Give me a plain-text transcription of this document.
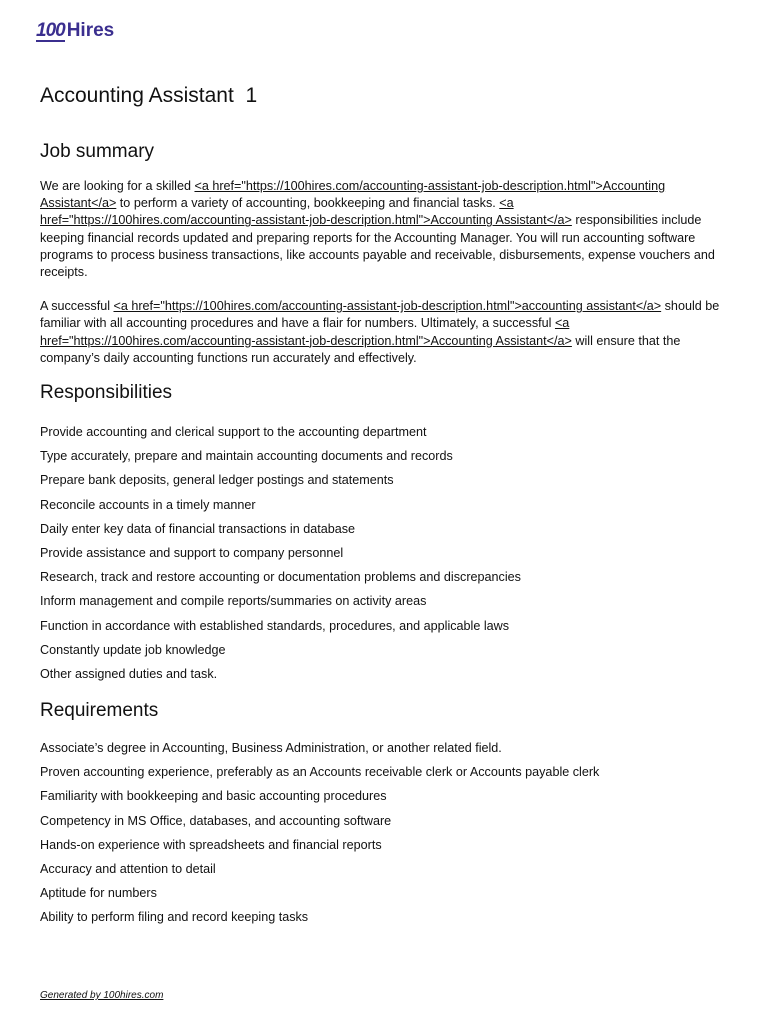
100 Hires
Accounting Assistant  1
Job summary

We are looking for a skilled <a href="https://100hires.com/accounting-assistant-job-description.html">Accounting Assistant</a> to perform a variety of accounting, bookkeeping and financial tasks. <a href="https://100hires.com/accounting-assistant-job-description.html">Accounting Assistant</a> responsibilities include keeping financial records updated and preparing reports for the Accounting Manager. You will run accounting software programs to process business transactions, like accounts payable and receivable, disbursements, expense vouchers and receipts.

A successful <a href="https://100hires.com/accounting-assistant-job-description.html">accounting assistant</a> should be familiar with all accounting procedures and have a flair for numbers. Ultimately, a successful <a href="https://100hires.com/accounting-assistant-job-description.html">Accounting Assistant</a> will ensure that the company’s daily accounting functions run accurately and effectively.

Responsibilities
Provide accounting and clerical support to the accounting department
Type accurately, prepare and maintain accounting documents and records
Prepare bank deposits, general ledger postings and statements
Reconcile accounts in a timely manner
Daily enter key data of financial transactions in database
Provide assistance and support to company personnel
Research, track and restore accounting or documentation problems and discrepancies
Inform management and compile reports/summaries on activity areas
Function in accordance with established standards, procedures, and applicable laws
Constantly update job knowledge
Other assigned duties and task.
Requirements
Associate’s degree in Accounting, Business Administration, or another related field.
Proven accounting experience, preferably as an Accounts receivable clerk or Accounts payable clerk
Familiarity with bookkeeping and basic accounting procedures
Competency in MS Office, databases, and accounting software
Hands-on experience with spreadsheets and financial reports
Accuracy and attention to detail
Aptitude for numbers
Ability to perform filing and record keeping tasks
Generated by 100hires.com
